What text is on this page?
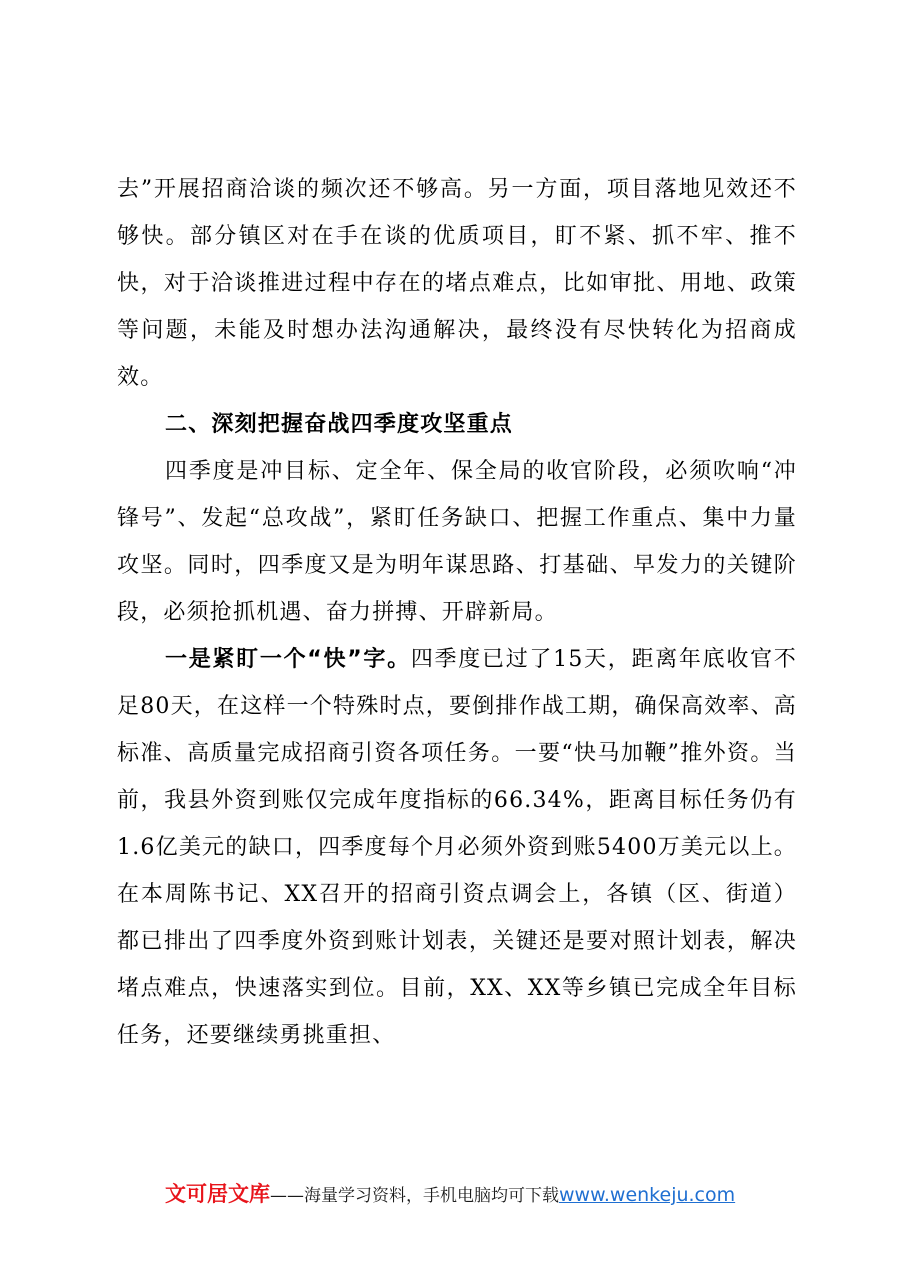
去”开展招商洽谈的频次还不够高。另一方面，项目落地见效还不够快。部分镇区对在手在谈的优质项目，盯不紧、抓不牢、推不快，对于洽谈推进过程中存在的堵点难点，比如审批、用地、政策等问题，未能及时想办法沟通解决，最终没有尽快转化为招商成效。

二、深刻把握奋战四季度攻坚重点

四季度是冲目标、定全年、保全局的收官阶段，必须吹响“冲锋号”、发起“总攻战”，紧盯任务缺口、把握工作重点、集中力量攻坚。同时，四季度又是为明年谋思路、打基础、早发力的关键阶段，必须抢抓机遇、奋力拼搏、开辟新局。

一是紧盯一个“快”字。四季度已过了15天，距离年底收官不足80天，在这样一个特殊时点，要倒排作战工期，确保高效率、高标准、高质量完成招商引资各项任务。一要“快马加鞭”推外资。当前，我县外资到账仅完成年度指标的66.34%，距离目标任务仍有1.6亿美元的缺口，四季度每个月必须外资到账5400万美元以上。在本周陈书记、XX召开的招商引资点调会上，各镇（区、街道）都已排出了四季度外资到账计划表，关键还是要对照计划表，解决堵点难点，快速落实到位。目前，XX、XX等乡镇已完成全年目标任务，还要继续勇挑重担、

文可居文库——海量学习资料，手机电脑均可下载www.wenkeju.com
